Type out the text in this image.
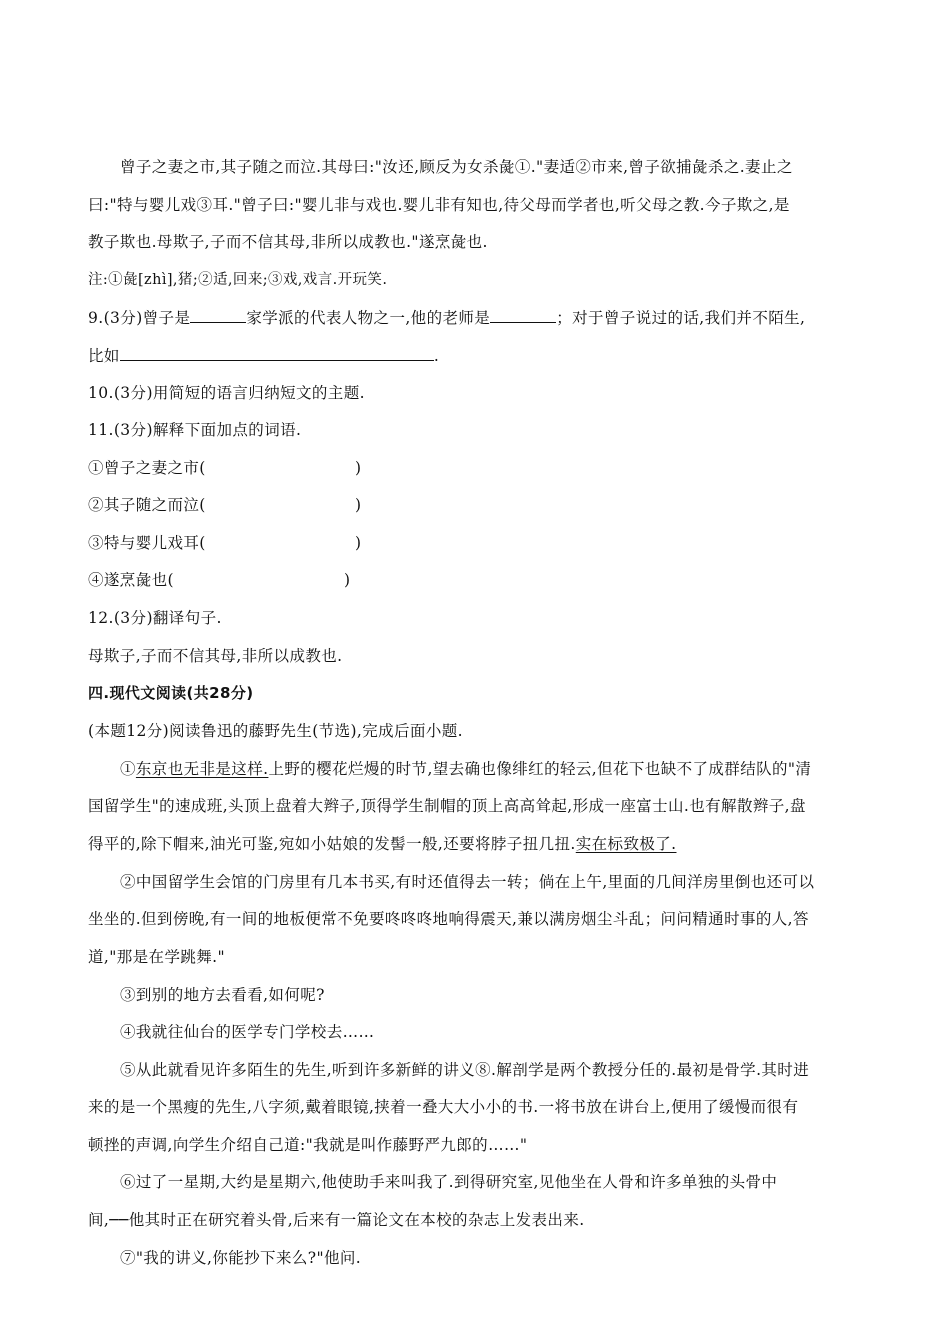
曾子之妻之市,其子随之而泣.其母曰:"汝还,顾反为女杀彘①."妻适②市来,曾子欲捕彘杀之.妻止之
曰:"特与婴儿戏③耳."曾子曰:"婴儿非与戏也.婴儿非有知也,待父母而学者也,听父母之教.今子欺之,是
教子欺也.母欺子,子而不信其母,非所以成教也."遂烹彘也.
注:①彘[zhì],猪;②适,回来;③戏,戏言.开玩笑.
9.(3分)曾子是	家学派的代表人物之一,他的老师是	；对于曾子说过的话,我们并不陌生,
比如	.
10.(3分)用简短的语言归纳短文的主题.
11.(3分)解释下面加点的词语.
①曾子之妻之市(	)
②其子随之而泣(	)
③特与婴儿戏耳(	)
④遂烹彘也(	)
12.(3分)翻译句子.
母欺子,子而不信其母,非所以成教也.
四.现代文阅读(共28分)
(本题12分)阅读鲁迅的藤野先生(节选),完成后面小题.
①东京也无非是这样.上野的樱花烂熳的时节,望去确也像绯红的轻云,但花下也缺不了成群结队的"清
国留学生"的速成班,头顶上盘着大辫子,顶得学生制帽的顶上高高耸起,形成一座富士山.也有解散辫子,盘
得平的,除下帽来,油光可鉴,宛如小姑娘的发髻一般,还要将脖子扭几扭.实在标致极了.
②中国留学生会馆的门房里有几本书买,有时还值得去一转；倘在上午,里面的几间洋房里倒也还可以
坐坐的.但到傍晚,有一间的地板便常不免要咚咚咚地响得震天,兼以满房烟尘斗乱；问问精通时事的人,答
道,"那是在学跳舞."
③到别的地方去看看,如何呢?
④我就往仙台的医学专门学校去……
⑤从此就看见许多陌生的先生,听到许多新鲜的讲义⑧.解剖学是两个教授分任的.最初是骨学.其时进
来的是一个黑瘦的先生,八字须,戴着眼镜,挟着一叠大大小小的书.一将书放在讲台上,便用了缓慢而很有
顿挫的声调,向学生介绍自己道:"我就是叫作藤野严九郎的……"
⑥过了一星期,大约是星期六,他使助手来叫我了.到得研究室,见他坐在人骨和许多单独的头骨中
间,──他其时正在研究着头骨,后来有一篇论文在本校的杂志上发表出来.
⑦"我的讲义,你能抄下来么?"他问.
